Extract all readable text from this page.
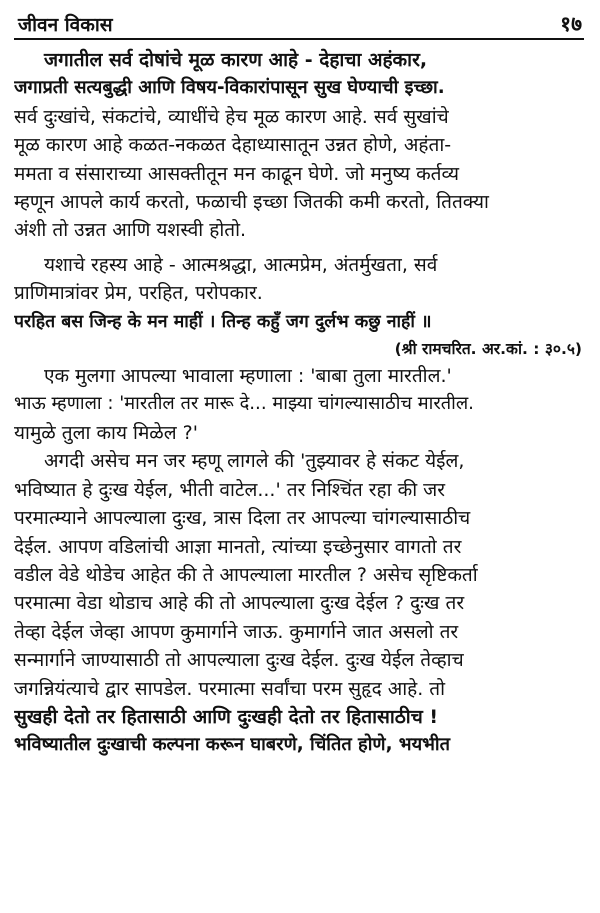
जीवन विकास	१७
जगातील सर्व दोषांचे मूळ कारण आहे - देहाचा अहंकार,
जगाप्रती सत्यबुद्धी आणि विषय-विकारांपासून सुख घेण्याची इच्छा.
सर्व दुःखांचे, संकटांचे, व्याधींचे हेच मूळ कारण आहे. सर्व सुखांचे
मूळ कारण आहे कळत-नकळत देहाध्यासातून उन्नत होणे, अहंता-
ममता व संसाराच्या आसक्तीतून मन काढून घेणे. जो मनुष्य कर्तव्य
म्हणून आपले कार्य करतो, फळाची इच्छा जितकी कमी करतो, तितक्या
अंशी तो उन्नत आणि यशस्वी होतो.
यशाचे रहस्य आहे - आत्मश्रद्धा, आत्मप्रेम, अंतर्मुखता, सर्व
प्राणिमात्रांवर प्रेम, परहित, परोपकार.
परहित बस जिन्ह के मन माहीं । तिन्ह कहुँ जग दुर्लभ कछु नाहीं ॥
(श्री रामचरित. अर.कां. : ३०.५)
एक मुलगा आपल्या भावाला म्हणाला : 'बाबा तुला मारतील.'
भाऊ म्हणाला : 'मारतील तर मारू दे... माझ्या चांगल्यासाठीच मारतील.
यामुळे तुला काय मिळेल ?'
अगदी असेच मन जर म्हणू लागले की 'तुझ्यावर हे संकट येईल,
भविष्यात हे दुःख येईल, भीती वाटेल...' तर निश्चिंत रहा की जर
परमात्म्याने आपल्याला दुःख, त्रास दिला तर आपल्या चांगल्यासाठीच
देईल. आपण वडिलांची आज्ञा मानतो, त्यांच्या इच्छेनुसार वागतो तर
वडील वेडे थोडेच आहेत की ते आपल्याला मारतील ? असेच सृष्टिकर्ता
परमात्मा वेडा थोडाच आहे की तो आपल्याला दुःख देईल ? दुःख तर
तेव्हा देईल जेव्हा आपण कुमार्गाने जाऊ. कुमार्गाने जात असलो तर
सन्मार्गाने जाण्यासाठी तो आपल्याला दुःख देईल. दुःख येईल तेव्हाच
जगन्नियंत्याचे द्वार सापडेल. परमात्मा सर्वांचा परम सुहृद आहे. तो
सुखही देतो तर हितासाठी आणि दुःखही देतो तर हितासाठीच !
भविष्यातील दुःखाची कल्पना करून घाबरणे, चिंतित होणे, भयभीत
